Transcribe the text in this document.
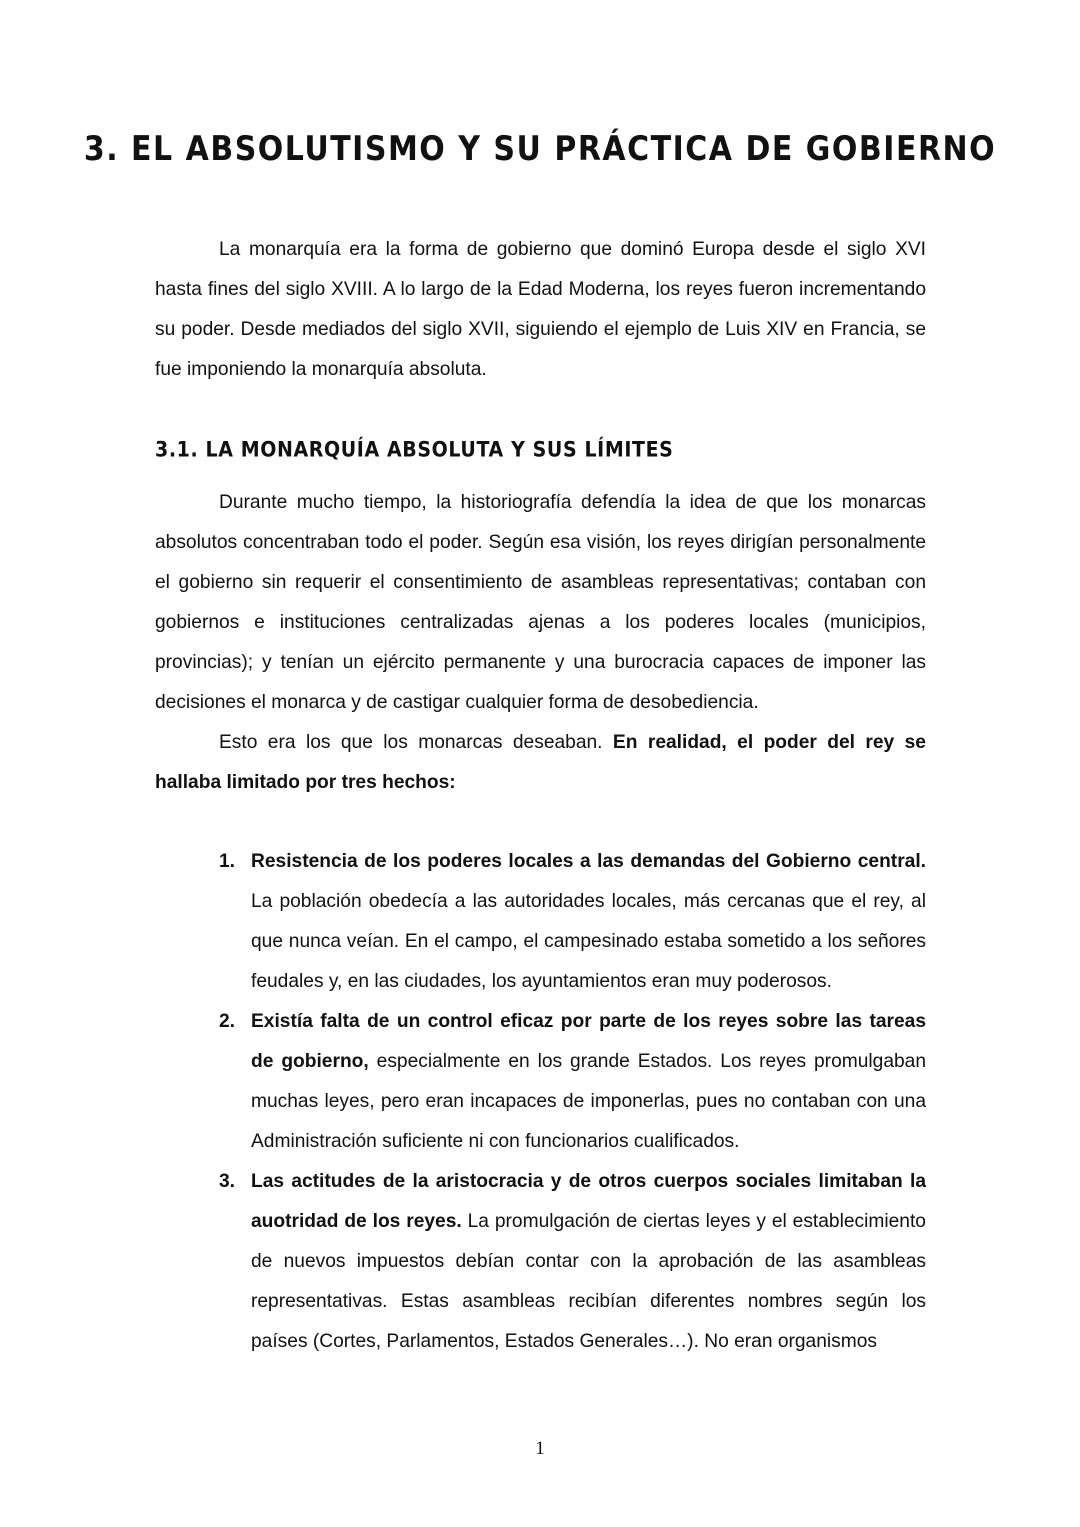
3. EL ABSOLUTISMO Y SU PRÁCTICA DE GOBIERNO

La monarquía era la forma de gobierno que dominó Europa desde el siglo XVI hasta fines del siglo XVIII. A lo largo de la Edad Moderna, los reyes fueron incrementando su poder. Desde mediados del siglo XVII, siguiendo el ejemplo de Luis XIV en Francia, se fue imponiendo la monarquía absoluta.

3.1. LA MONARQUÍA ABSOLUTA Y SUS LÍMITES

Durante mucho tiempo, la historiografía defendía la idea de que los monarcas absolutos concentraban todo el poder. Según esa visión, los reyes dirigían personalmente el gobierno sin requerir el consentimiento de asambleas representativas; contaban con gobiernos e instituciones centralizadas ajenas a los poderes locales (municipios, provincias); y tenían un ejército permanente y una burocracia capaces de imponer las decisiones el monarca y de castigar cualquier forma de desobediencia.

Esto era los que los monarcas deseaban. En realidad, el poder del rey se hallaba limitado por tres hechos:

1. Resistencia de los poderes locales a las demandas del Gobierno central. La población obedecía a las autoridades locales, más cercanas que el rey, al que nunca veían. En el campo, el campesinado estaba sometido a los señores feudales y, en las ciudades, los ayuntamientos eran muy poderosos.
2. Existía falta de un control eficaz por parte de los reyes sobre las tareas de gobierno, especialmente en los grande Estados. Los reyes promulgaban muchas leyes, pero eran incapaces de imponerlas, pues no contaban con una Administración suficiente ni con funcionarios cualificados.
3. Las actitudes de la aristocracia y de otros cuerpos sociales limitaban la auotridad de los reyes. La promulgación de ciertas leyes y el establecimiento de nuevos impuestos debían contar con la aprobación de las asambleas representativas. Estas asambleas recibían diferentes nombres según los países (Cortes, Parlamentos, Estados Generales…). No eran organismos
1
